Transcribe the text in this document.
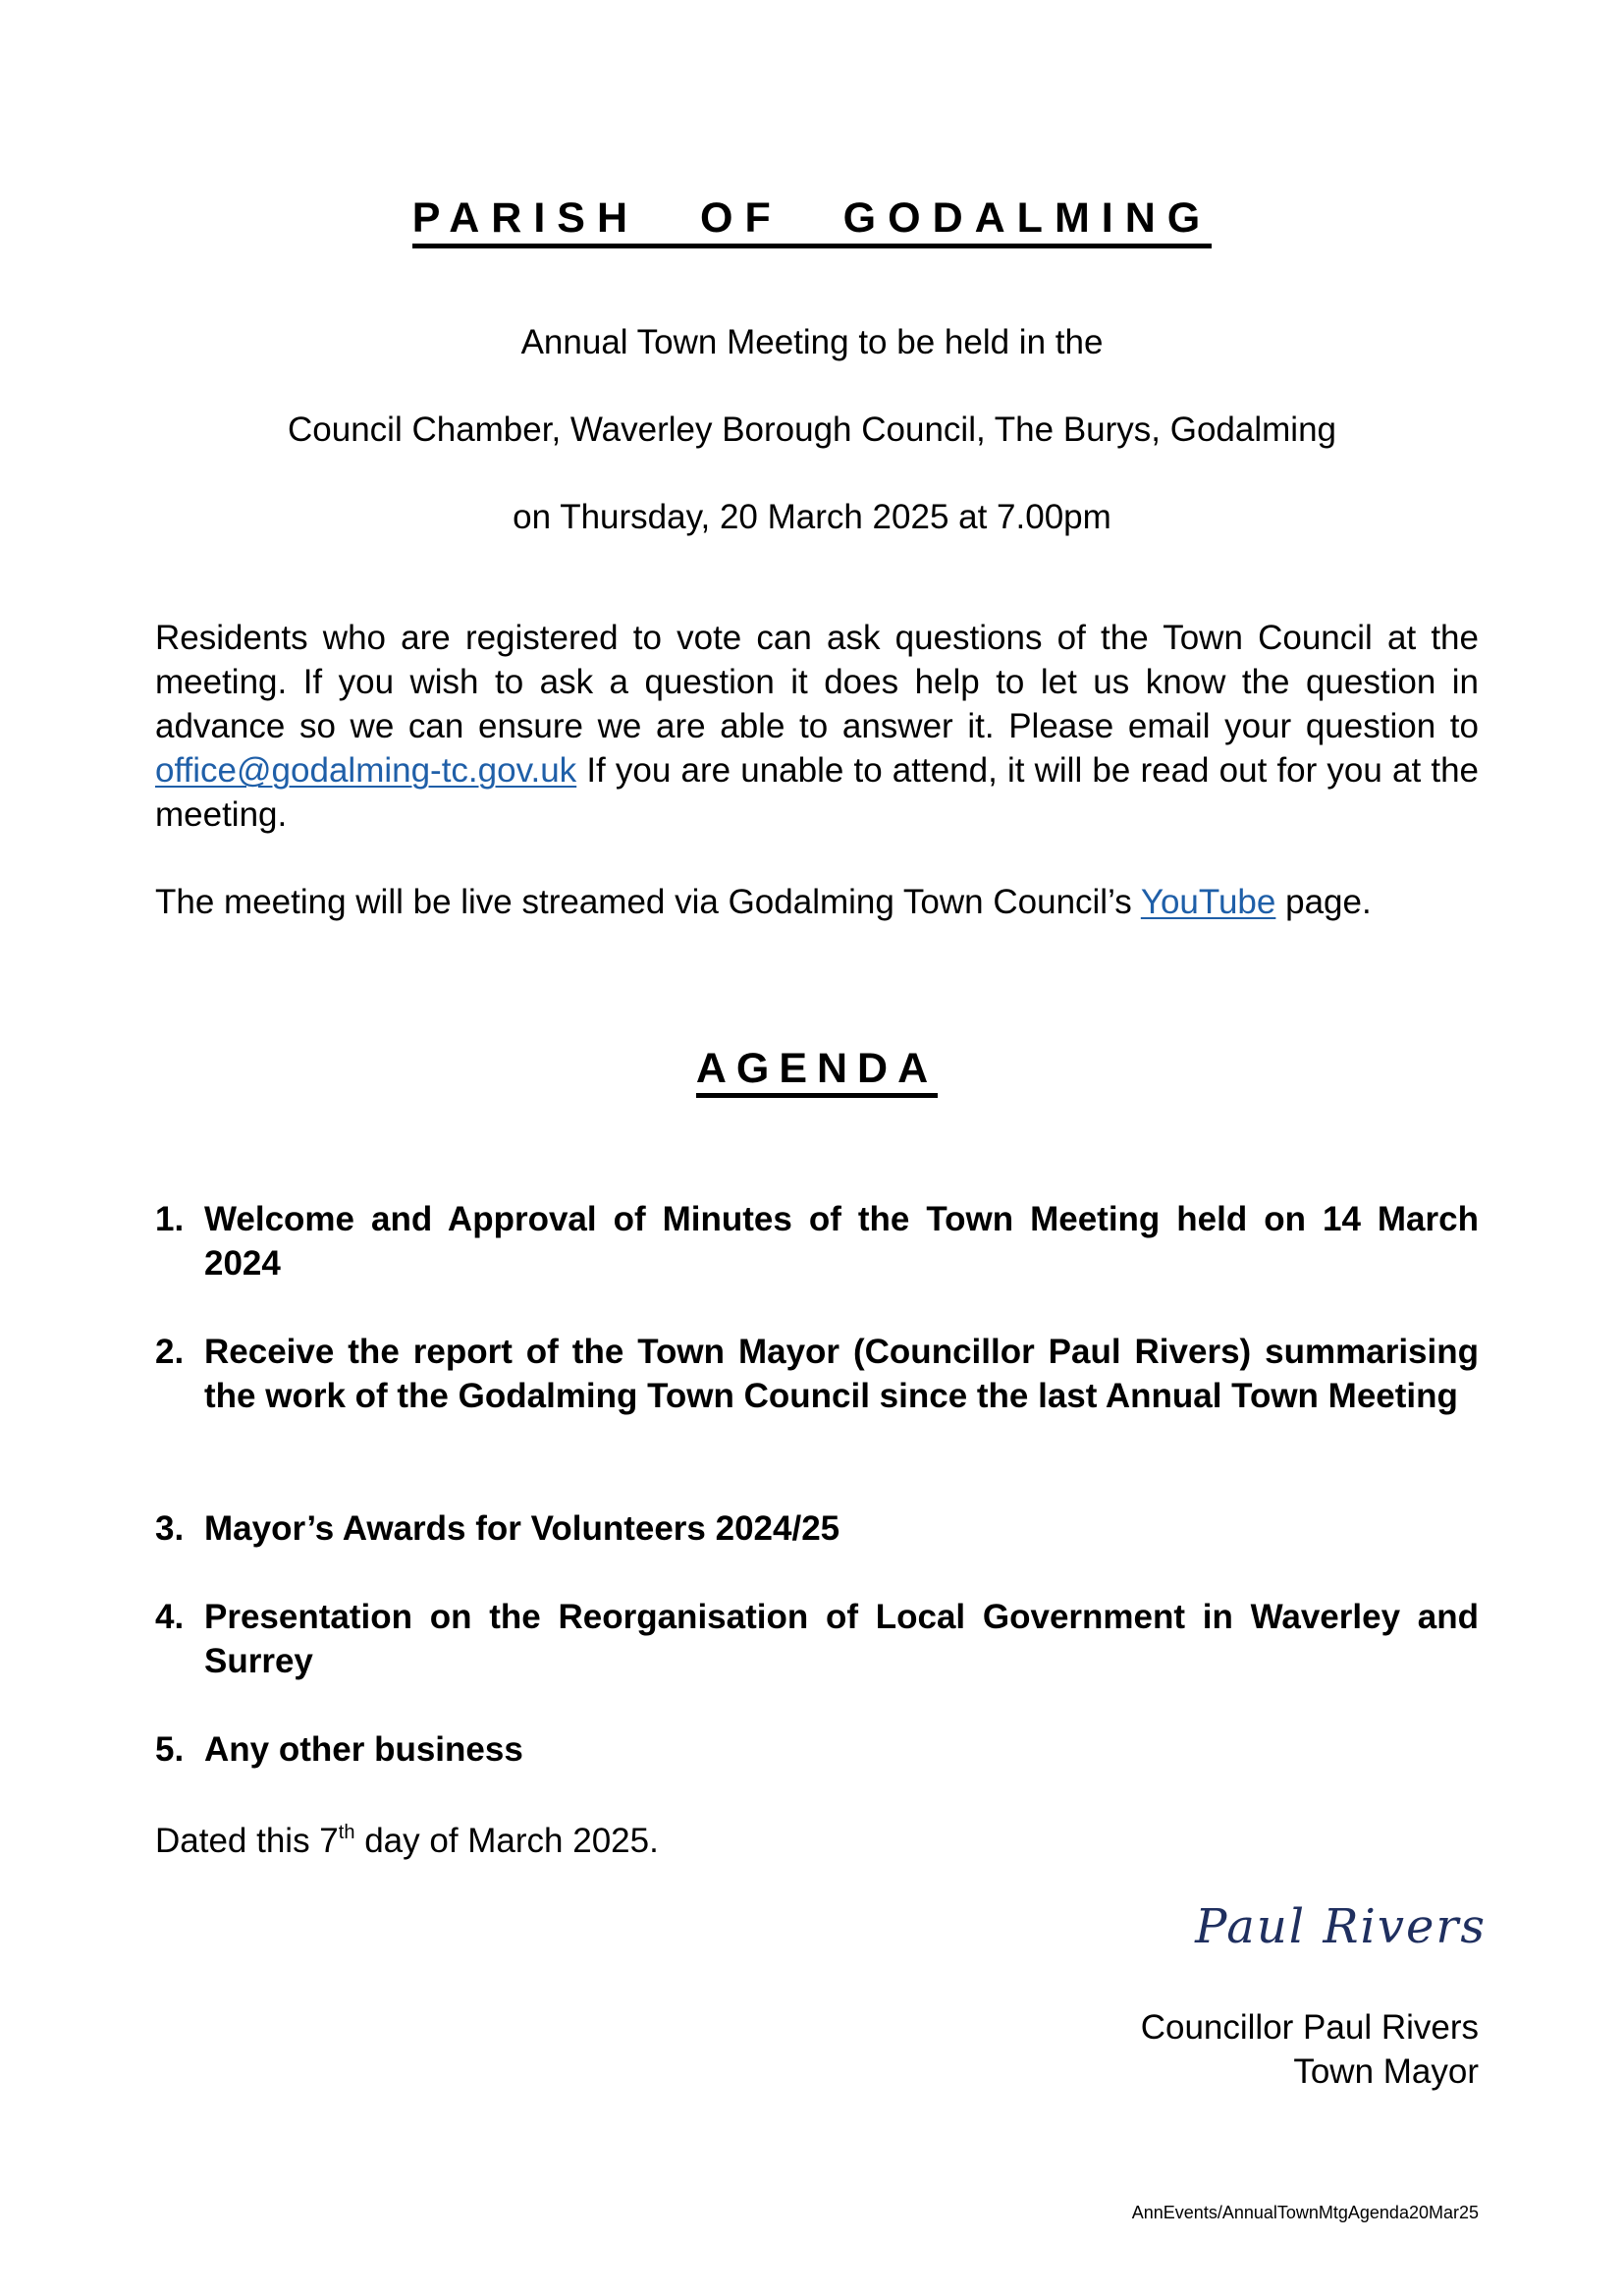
PARISH OF GODALMING
Annual Town Meeting to be held in the
Council Chamber, Waverley Borough Council, The Burys, Godalming
on Thursday, 20 March 2025 at 7.00pm
Residents who are registered to vote can ask questions of the Town Council at the meeting. If you wish to ask a question it does help to let us know the question in advance so we can ensure we are able to answer it. Please email your question to office@godalming-tc.gov.uk If you are unable to attend, it will be read out for you at the meeting.
The meeting will be live streamed via Godalming Town Council’s YouTube page.
AGENDA
1. Welcome and Approval of Minutes of the Town Meeting held on 14 March 2024
2. Receive the report of the Town Mayor (Councillor Paul Rivers) summarising the work of the Godalming Town Council since the last Annual Town Meeting
3. Mayor’s Awards for Volunteers 2024/25
4. Presentation on the Reorganisation of Local Government in Waverley and Surrey
5. Any other business
Dated this 7th day of March 2025.
Paul Rivers
Councillor Paul Rivers
Town Mayor
AnnEvents/AnnualTownMtgAgenda20Mar25
